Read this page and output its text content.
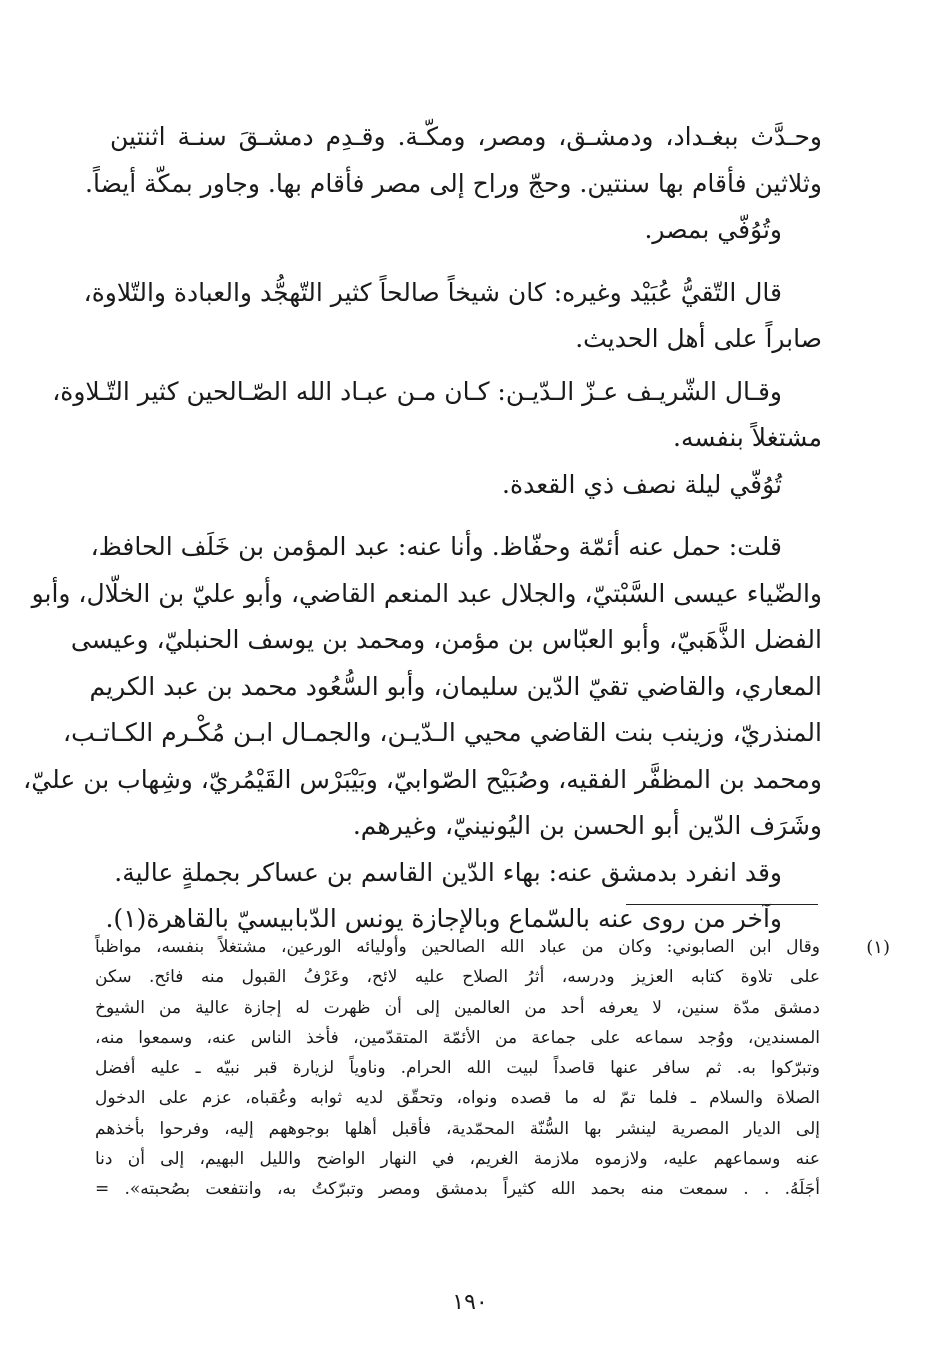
وحـدَّث ببغـداد، ودمشـق، ومصر، ومكّـة. وقـدِم دمشـقَ سنـة اثنتين
وثلاثين فأقام بها سنتين. وحجّ وراح إلى مصر فأقام بها. وجاور بمكّة أيضاً.
وتُوُفّي بمصر.
قال التّقيُّ عُبَيْد وغيره: كان شيخاً صالحاً كثير التّهجُّد والعبادة والتّلاوة،
صابراً على أهل الحديث.
وقـال الشّريـف عـزّ الـدّيـن: كـان مـن عبـاد الله الصّـالحين كثير التّـلاوة،
مشتغلاً بنفسه.
تُوُفّي ليلة نصف ذي القعدة.
قلت: حمل عنه أئمّة وحفّاظ. وأنا عنه: عبد المؤمن بن خَلَف الحافظ،
والضّياء عيسى السَّبْتيّ، والجلال عبد المنعم القاضي، وأبو عليّ بن الخلّال، وأبو
الفضل الذَّهَبيّ، وأبو العبّاس بن مؤمن، ومحمد بن يوسف الحنبليّ، وعيسى
المعاري، والقاضي تقيّ الدّين سليمان، وأبو السُّعُود محمد بن عبد الكريم
المنذريّ، وزينب بنت القاضي محيي الـدّيـن، والجمـال ابـن مُكْـرم الكـاتـب،
ومحمد بن المظفَّر الفقيه، وصُبَيْح الصّوابيّ، وبَيْبَرْس القَيْمُريّ، وشِهاب بن عليّ،
وشَرَف الدّين أبو الحسن بن اليُونينيّ، وغيرهم.
وقد انفرد بدمشق عنه: بهاء الدّين القاسم بن عساكر بجملةٍ عالية.
وآخر من روى عنه بالسّماع وبالإجازة يونس الدّبابيسيّ بالقاهرة(١).
(١)
وقال ابن الصابوني: وكان من عباد الله الصالحين وأوليائه الورعين، مشتغلاً بنفسه، مواظباً
على تلاوة كتابه العزيز ودرسه، أثرُ الصلاح عليه لائح، وعَرْفُ القبول منه فائح. سكن
دمشق مدّة سنين، لا يعرفه أحد من العالمين إلى أن ظهرت له إجازة عالية من الشيوخ
المسندين، ووُجد سماعه على جماعة من الأئمّة المتقدّمين، فأخذ الناس عنه، وسمعوا منه،
وتبرّكوا به. ثم سافر عنها قاصداً لبيت الله الحرام. وناوياً لزيارة قبر نبيّه ـ عليه أفضل
الصلاة والسلام ـ فلما تمّ له ما قصده ونواه، وتحقّق لديه ثوابه وعُقباه، عزم على الدخول
إلى الديار المصرية لينشر بها السُّنّة المحمّدية، فأقبل أهلها بوجوههم إليه، وفرحوا بأخذهم
عنه وسماعهم عليه، ولازموه ملازمة الغريم، في النهار الواضح والليل البهيم، إلى أن دنا
أجَلَهُ. . . سمعت منه بحمد الله كثيراً بدمشق ومصر وتبرّكتُ به، وانتفعت بصُحبته». =
١٩٠
